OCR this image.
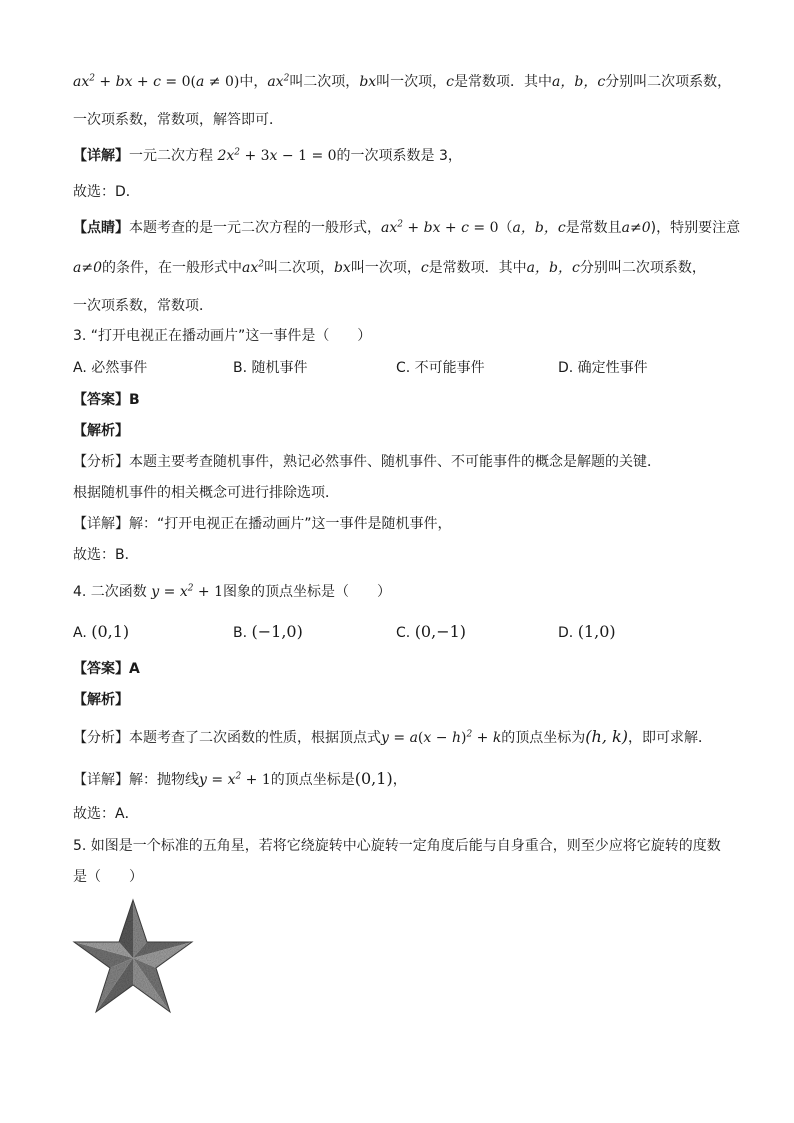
$ax^2$ + bx + c = 0(a ≠ 0)中，$ax^2$叫二次项，bx叫一次项，c是常数项．其中a，b，c分别叫二次项系数，
一次项系数，常数项，解答即可．
【详解】一元二次方程 $2x^2 + 3x - 1 = 0$的一次项系数是 3，
故选：D．
【点睛】本题考查的是一元二次方程的一般形式，$ax^2$ + bx + c = 0（a，b，c是常数且a≠0)，特别要注意
a≠0的条件，在一般形式中$ax^2$叫二次项，bx叫一次项，c是常数项．其中a，b，c分别叫二次项系数，
一次项系数，常数项．
3. “打开电视正在播动画片”这一事件是（　　）
A. 必然事件	B. 随机事件	C. 不可能事件	D. 确定性事件
【答案】B
【解析】
【分析】本题主要考查随机事件，熟记必然事件、随机事件、不可能事件的概念是解题的关键．
根据随机事件的相关概念可进行排除选项．
【详解】解：“打开电视正在播动画片”这一事件是随机事件，
故选：B．
4. 二次函数 $y = x^2 + 1$图象的顶点坐标是（　　）
A. (0,1)	B. (−1,0)	C. (0,−1)	D. (1,0)
【答案】A
【解析】
【分析】本题考查了二次函数的性质，根据顶点式$y = a(x - h)^2 + k$的顶点坐标为(h, k)，即可求解．
【详解】解：抛物线$y = x^2 + 1$的顶点坐标是(0,1)，
故选：A．
5. 如图是一个标准的五角星，若将它绕旋转中心旋转一定角度后能与自身重合，则至少应将它旋转的度数
是（　　）
